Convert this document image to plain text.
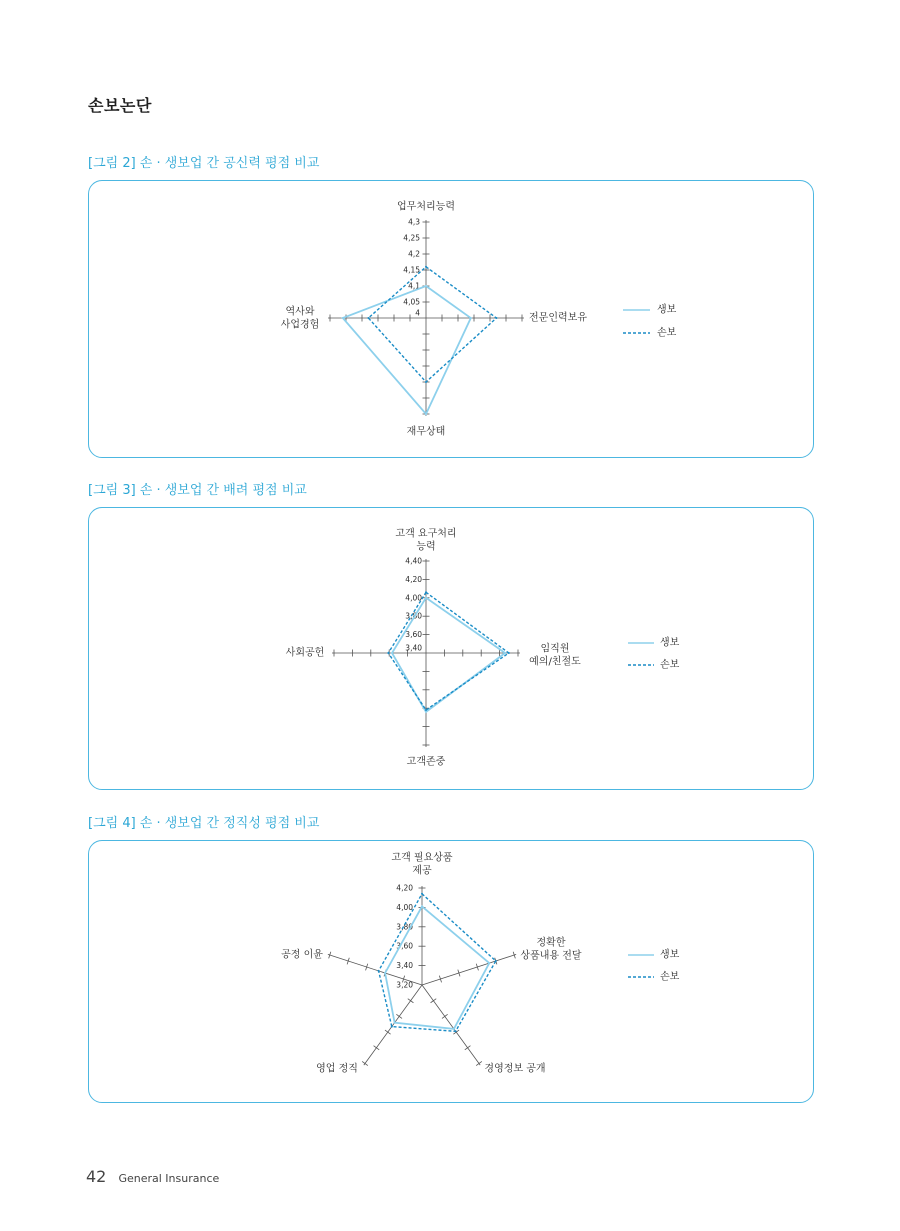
손보논단
[그림 2] 손 · 생보업 간 공신력 평점 비교
4
4,05
4,1
4,15
4,2
4,25
4,3
업무처리능력
전문인력보유
재무상태
역사와 사업경험
생보
손보
[그림 3] 손 · 생보업 간 배려 평점 비교
3,40
3,60
3,80
4,00
4,20
4,40
고객 요구처리 능력
임직원 예의/친절도
고객존중
사회공헌
생보
손보
[그림 4] 손 · 생보업 간 정직성 평점 비교
3,20
3,40
3,60
3,80
4,00
4,20
고객 필요상품 제공
정확한 상품내용 전달
경영정보 공개
영업 정직
공정 이윤	생보
손보
42 General Insurance
